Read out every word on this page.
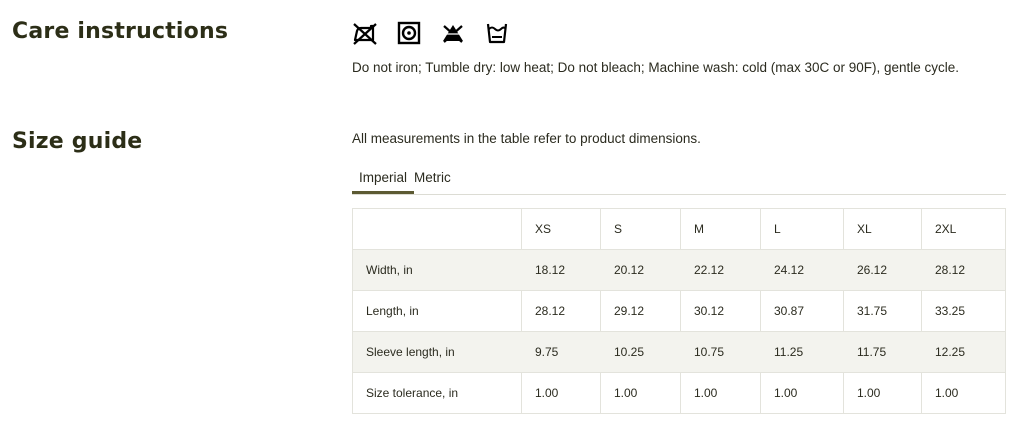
Care instructions
Do not iron; Tumble dry: low heat; Do not bleach; Machine wash: cold (max 30C or 90F), gentle cycle.
Size guide	All measurements in the table refer to product dimensions.
Imperial Metric
	XS	S	M	L	XL	2XL
Width, in	18.12	20.12	22.12	24.12	26.12	28.12
Length, in	28.12	29.12	30.12	30.87	31.75	33.25
Sleeve length, in	9.75	10.25	10.75	11.25	11.75	12.25
Size tolerance, in	1.00	1.00	1.00	1.00	1.00	1.00
